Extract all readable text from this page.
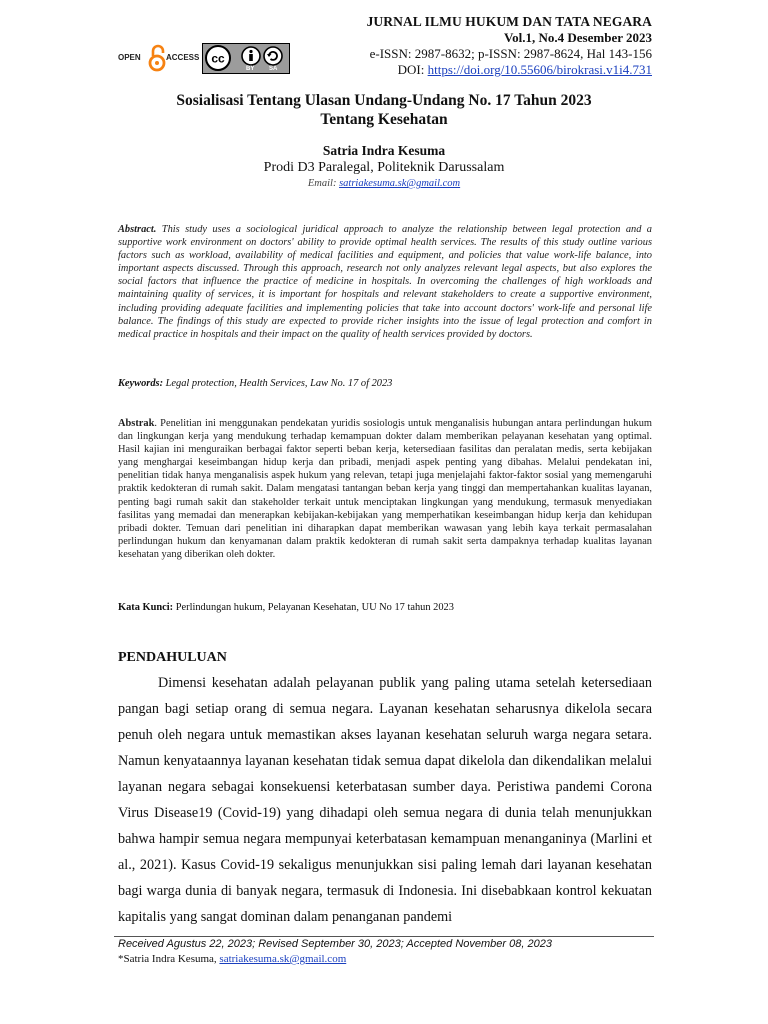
OPEN	ACCESS cc
BY SA
JURNAL ILMU HUKUM DAN TATA NEGARA
Vol.1, No.4 Desember 2023
e-ISSN: 2987-8632; p-ISSN: 2987-8624, Hal 143-156
DOI: https://doi.org/10.55606/birokrasi.v1i4.731
Sosialisasi Tentang Ulasan Undang-Undang No. 17 Tahun 2023
Tentang Kesehatan
Satria Indra Kesuma
Prodi D3 Paralegal, Politeknik Darussalam
Email: satriakesuma.sk@gmail.com
Abstract. This study uses a sociological juridical approach to analyze the relationship between legal protection and a supportive work environment on doctors' ability to provide optimal health services. The results of this study outline various factors such as workload, availability of medical facilities and equipment, and policies that value work-life balance, into important aspects discussed. Through this approach, research not only analyzes relevant legal aspects, but also explores the social factors that influence the practice of medicine in hospitals. In overcoming the challenges of high workloads and maintaining quality of services, it is important for hospitals and relevant stakeholders to create a supportive environment, including providing adequate facilities and implementing policies that take into account doctors' work-life and personal life balance. The findings of this study are expected to provide richer insights into the issue of legal protection and comfort in medical practice in hospitals and their impact on the quality of health services provided by doctors.
Keywords: Legal protection, Health Services, Law No. 17 of 2023
Abstrak. Penelitian ini menggunakan pendekatan yuridis sosiologis untuk menganalisis hubungan antara perlindungan hukum dan lingkungan kerja yang mendukung terhadap kemampuan dokter dalam memberikan pelayanan kesehatan yang optimal. Hasil kajian ini menguraikan berbagai faktor seperti beban kerja, ketersediaan fasilitas dan peralatan medis, serta kebijakan yang menghargai keseimbangan hidup kerja dan pribadi, menjadi aspek penting yang dibahas. Melalui pendekatan ini, penelitian tidak hanya menganalisis aspek hukum yang relevan, tetapi juga menjelajahi faktor-faktor sosial yang memengaruhi praktik kedokteran di rumah sakit. Dalam mengatasi tantangan beban kerja yang tinggi dan mempertahankan kualitas layanan, penting bagi rumah sakit dan stakeholder terkait untuk menciptakan lingkungan yang mendukung, termasuk menyediakan fasilitas yang memadai dan menerapkan kebijakan-kebijakan yang memperhatikan keseimbangan hidup kerja dan kehidupan pribadi dokter. Temuan dari penelitian ini diharapkan dapat memberikan wawasan yang lebih kaya terkait permasalahan perlindungan hukum dan kenyamanan dalam praktik kedokteran di rumah sakit serta dampaknya terhadap kualitas layanan kesehatan yang diberikan oleh dokter.
Kata Kunci: Perlindungan hukum, Pelayanan Kesehatan, UU No 17 tahun 2023
PENDAHULUAN
Dimensi kesehatan adalah pelayanan publik yang paling utama setelah ketersediaan pangan bagi setiap orang di semua negara. Layanan kesehatan seharusnya dikelola secara penuh oleh negara untuk memastikan akses layanan kesehatan seluruh warga negara setara. Namun kenyataannya layanan kesehatan tidak semua dapat dikelola dan dikendalikan melalui layanan negara sebagai konsekuensi keterbatasan sumber daya. Peristiwa pandemi Corona Virus Disease19 (Covid-19) yang dihadapi oleh semua negara di dunia telah menunjukkan bahwa hampir semua negara mempunyai keterbatasan kemampuan menanganinya (Marlini et al., 2021). Kasus Covid-19 sekaligus menunjukkan sisi paling lemah dari layanan kesehatan bagi warga dunia di banyak negara, termasuk di Indonesia. Ini disebabkaan kontrol kekuatan kapitalis yang sangat dominan dalam penanganan pandemi
Received Agustus 22, 2023; Revised September 30, 2023; Accepted November 08, 2023
*Satria Indra Kesuma, satriakesuma.sk@gmail.com
